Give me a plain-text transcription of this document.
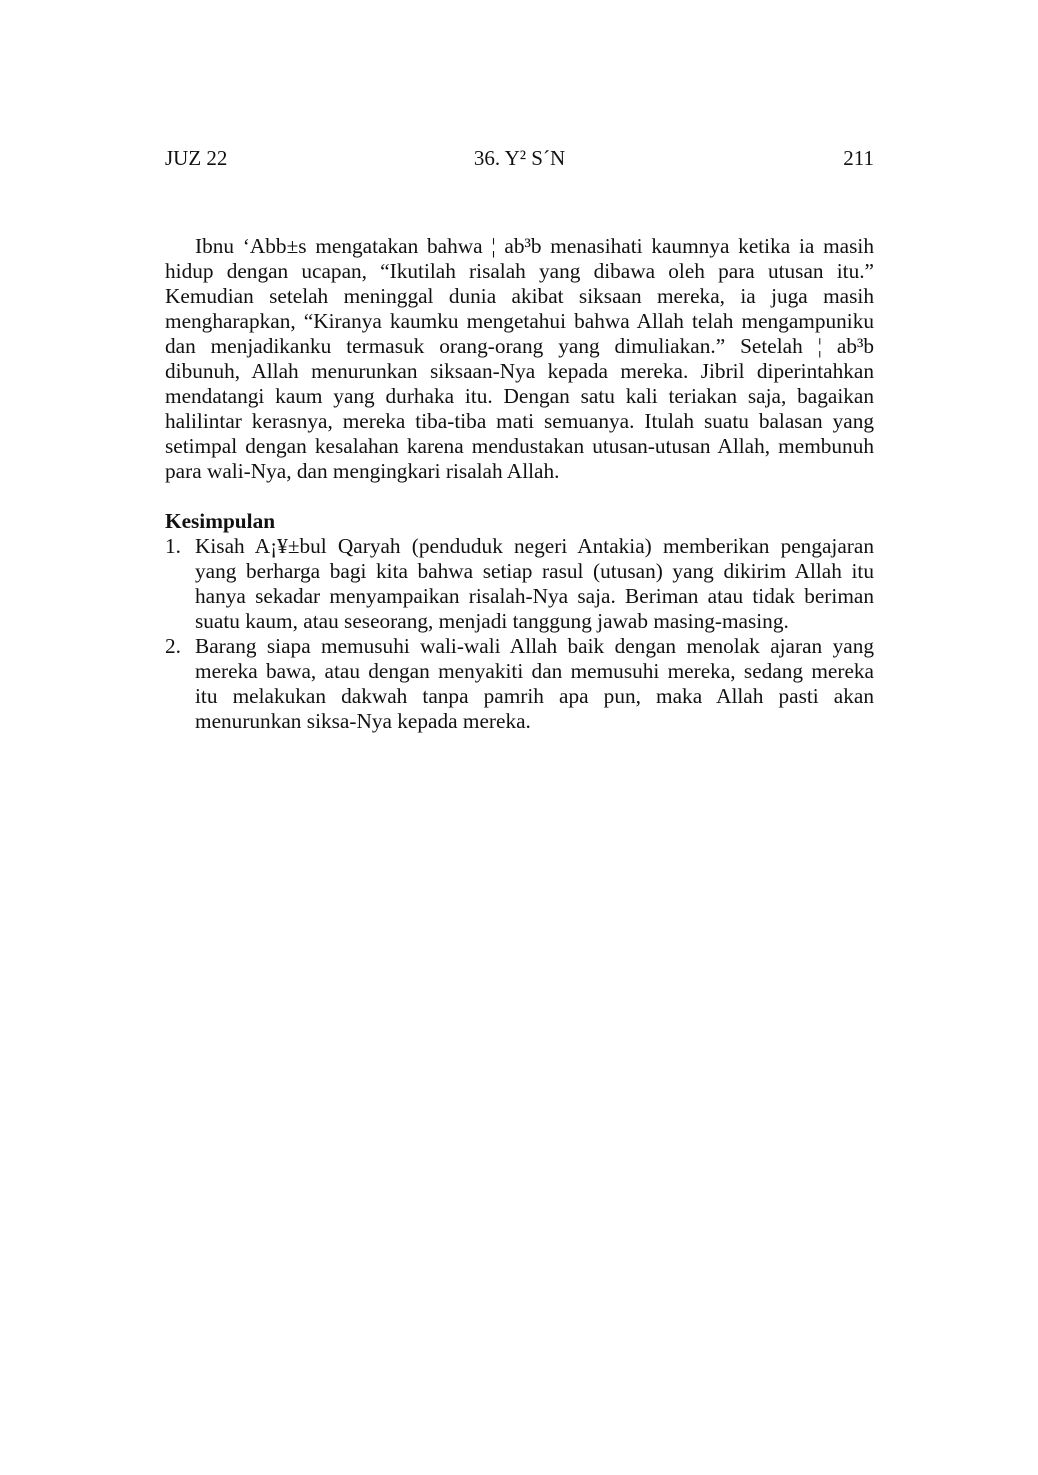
JUZ 22	36. Y² S´N	211

Ibnu ‘Abb±s mengatakan bahwa ¦ ab³b menasihati kaumnya ketika ia masih hidup dengan ucapan, “Ikutilah risalah yang dibawa oleh para utusan itu.” Kemudian setelah meninggal dunia akibat siksaan mereka, ia juga masih mengharapkan, “Kiranya kaumku mengetahui bahwa Allah telah mengampuniku dan menjadikanku termasuk orang-orang yang dimuliakan.” Setelah ¦ ab³b dibunuh, Allah menurunkan siksaan-Nya kepada mereka. Jibril diperintahkan mendatangi kaum yang durhaka itu. Dengan satu kali teriakan saja, bagaikan halilintar kerasnya, mereka tiba-tiba mati semuanya. Itulah suatu balasan yang setimpal dengan kesalahan karena mendustakan utusan-utusan Allah, membunuh para wali-Nya, dan mengingkari risalah Allah.

Kesimpulan
1. Kisah A¡¥±bul Qaryah (penduduk negeri Antakia) memberikan pengajaran yang berharga bagi kita bahwa setiap rasul (utusan) yang dikirim Allah itu hanya sekadar menyampaikan risalah-Nya saja. Beriman atau tidak beriman suatu kaum, atau seseorang, menjadi tanggung jawab masing-masing.
2. Barang siapa memusuhi wali-wali Allah baik dengan menolak ajaran yang mereka bawa, atau dengan menyakiti dan memusuhi mereka, sedang mereka itu melakukan dakwah tanpa pamrih apa pun, maka Allah pasti akan menurunkan siksa-Nya kepada mereka.
